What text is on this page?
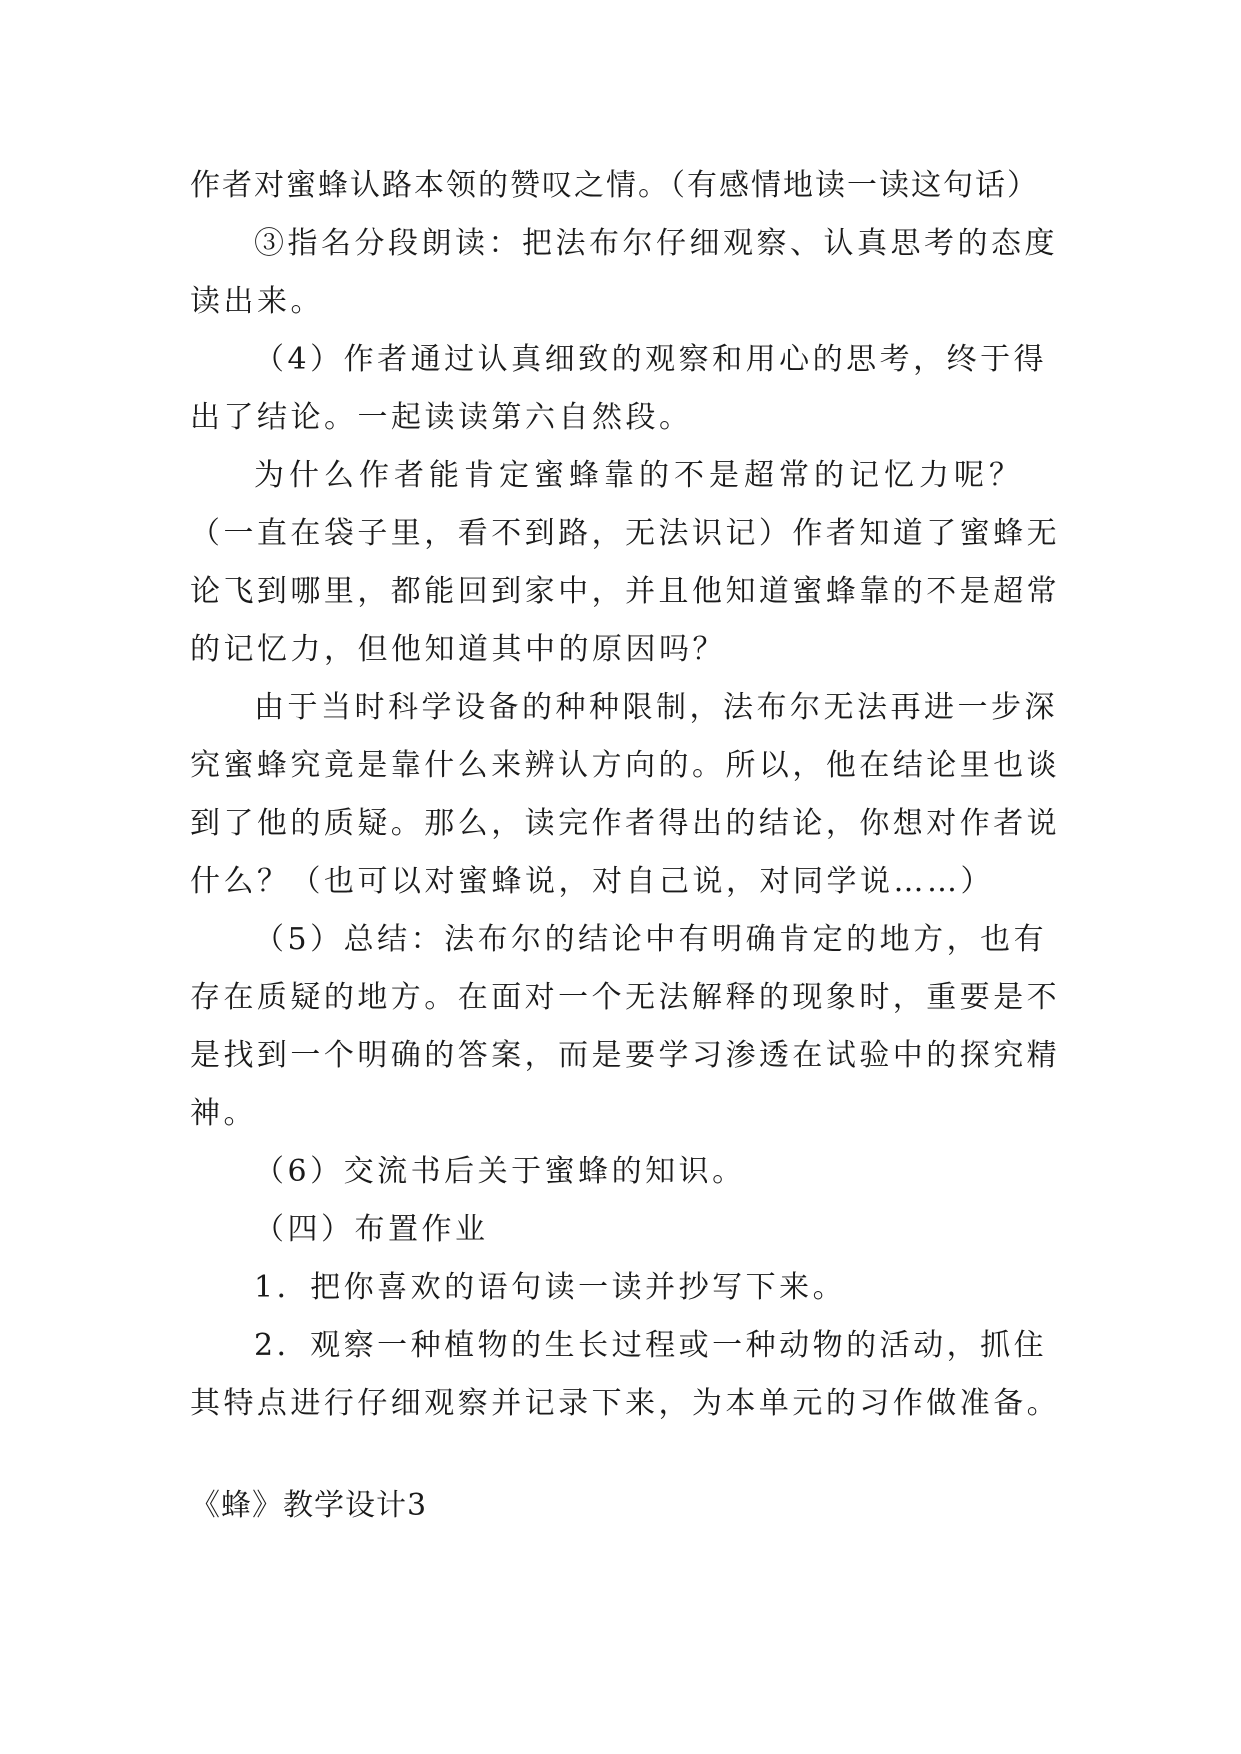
作者对蜜蜂认路本领的赞叹之情。（有感情地读一读这句话）
③指名分段朗读：把法布尔仔细观察、认真思考的态度
读出来。
（4）作者通过认真细致的观察和用心的思考，终于得
出了结论。一起读读第六自然段。
为什么作者能肯定蜜蜂靠的不是超常的记忆力呢？
（一直在袋子里，看不到路，无法识记）作者知道了蜜蜂无
论飞到哪里，都能回到家中，并且他知道蜜蜂靠的不是超常
的记忆力，但他知道其中的原因吗？
由于当时科学设备的种种限制，法布尔无法再进一步深
究蜜蜂究竟是靠什么来辨认方向的。所以，他在结论里也谈
到了他的质疑。那么，读完作者得出的结论，你想对作者说
什么？（也可以对蜜蜂说，对自己说，对同学说……）
（5）总结：法布尔的结论中有明确肯定的地方，也有
存在质疑的地方。在面对一个无法解释的现象时，重要是不
是找到一个明确的答案，而是要学习渗透在试验中的探究精
神。
（6）交流书后关于蜜蜂的知识。
（四）布置作业
1．把你喜欢的语句读一读并抄写下来。
2．观察一种植物的生长过程或一种动物的活动，抓住
其特点进行仔细观察并记录下来，为本单元的习作做准备。
《蜂》教学设计3
